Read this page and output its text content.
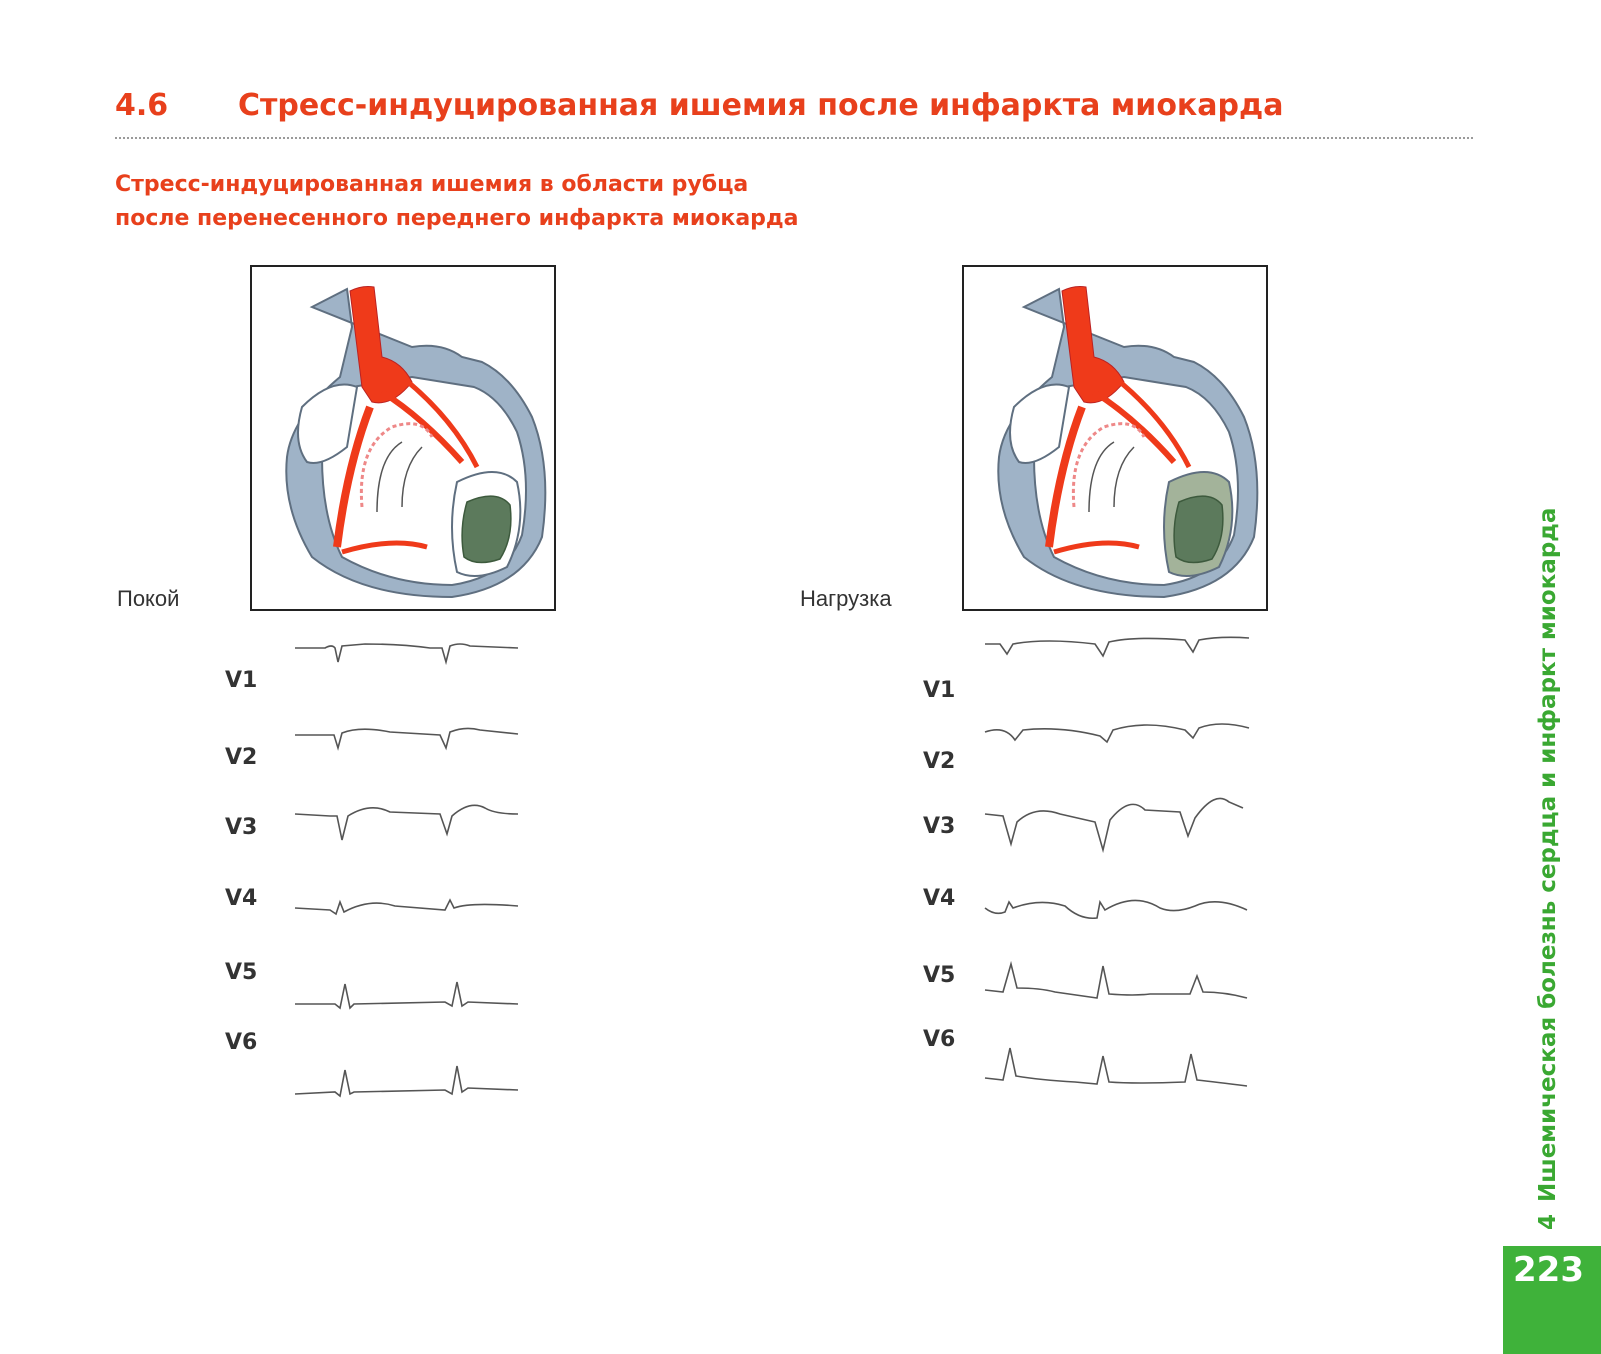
4.6 Стресс-индуцированная ишемия после инфаркта миокарда
Стресс-индуцированная ишемия в области рубца
после перенесенного переднего инфаркта миокарда
Покой	Нагрузка
V1
V2
V3
V4
V5
V6
V1
V2
V3
V4
V5
V6
4Ишемическая болезнь сердца и инфаркт миокарда
223
